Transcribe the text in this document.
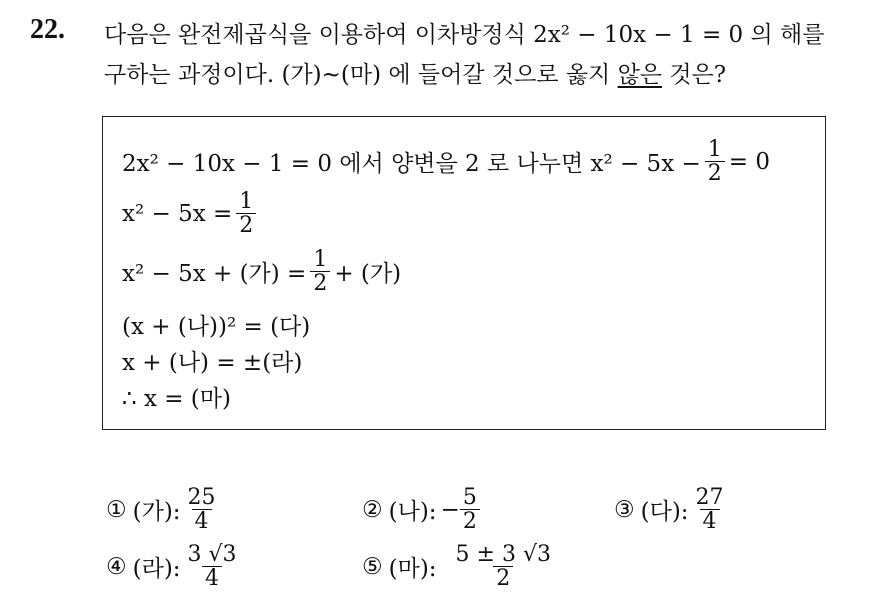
22. 다음은 완전제곱식을 이용하여 이차방정식 2x² − 10x − 1 = 0 의 해를
구하는 과정이다. (가)~(마) 에 들어갈 것으로 옳지 않은 것은?
2x² − 10x − 1 = 0 에서 양변을 2 로 나누면 $x^2 - 5x - \frac{1}{2} = 0$
$x^2 - 5x = \frac{1}{2}$
x² − 5x + (가) = $\frac{1}{2}$ + (가)
(x + (나))² = (다)
x + (나) = ±(라)
∴ x = (마)
① (가): $\frac{25}{4}$	② (나): − $\frac{5}{2}$	③ (다): $\frac{27}{4}$
④ (라): $\frac{3 √3}{4}$	⑤ (마): $\frac{5 \pm 3 √3}{2}$
